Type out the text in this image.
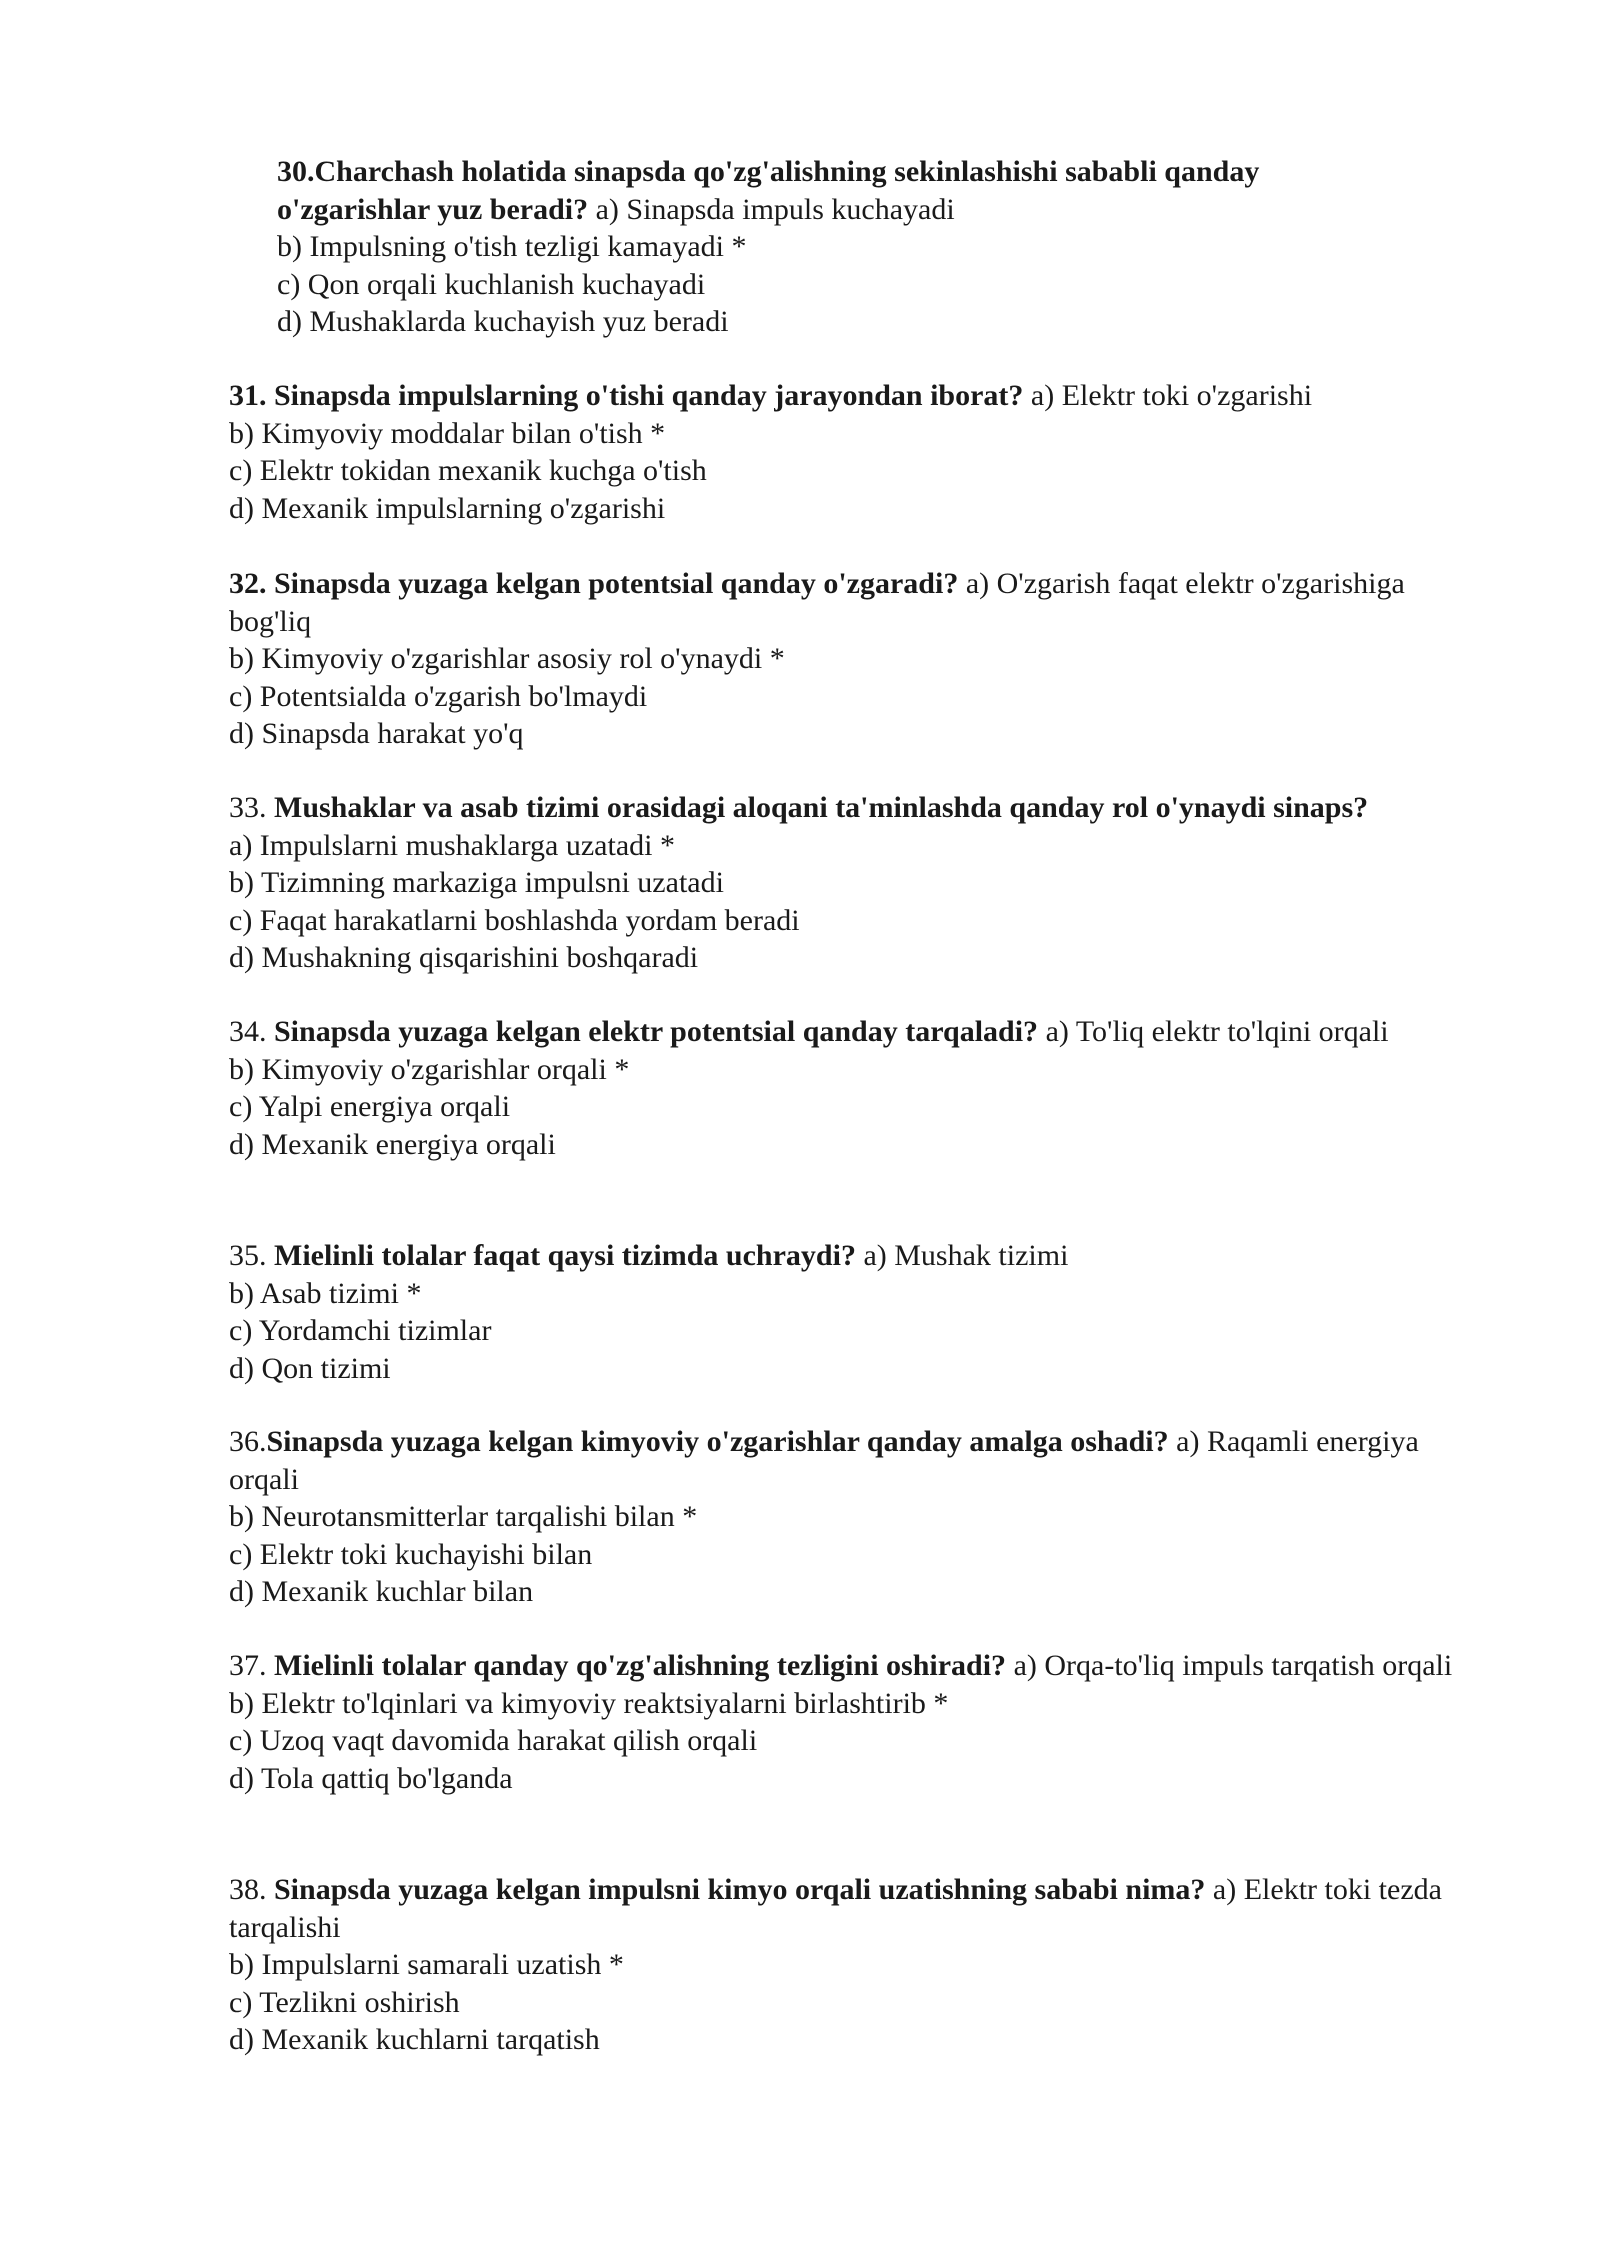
30.Charchash holatida sinapsda qo'zg'alishning sekinlashishi sababli qanday o'zgarishlar yuz beradi? a) Sinapsda impuls kuchayadi

b) Impulsning o'tish tezligi kamayadi *
c) Qon orqali kuchlanish kuchayadi
d) Mushaklarda kuchayish yuz beradi

31. Sinapsda impulslarning o'tishi qanday jarayondan iborat? a) Elektr toki o'zgarishi

b) Kimyoviy moddalar bilan o'tish *
c) Elektr tokidan mexanik kuchga o'tish
d) Mexanik impulslarning o'zgarishi

32. Sinapsda yuzaga kelgan potentsial qanday o'zgaradi? a) O'zgarish faqat elektr o'zgarishiga bog'liq

b) Kimyoviy o'zgarishlar asosiy rol o'ynaydi *
c) Potentsialda o'zgarish bo'lmaydi
d) Sinapsda harakat yo'q

33. Mushaklar va asab tizimi orasidagi aloqani ta'minlashda qanday rol o'ynaydi sinaps?

a) Impulslarni mushaklarga uzatadi *
b) Tizimning markaziga impulsni uzatadi
c) Faqat harakatlarni boshlashda yordam beradi
d) Mushakning qisqarishini boshqaradi

34. Sinapsda yuzaga kelgan elektr potentsial qanday tarqaladi? a) To'liq elektr to'lqini orqali

b) Kimyoviy o'zgarishlar orqali *
c) Yalpi energiya orqali
d) Mexanik energiya orqali

35. Mielinli tolalar faqat qaysi tizimda uchraydi? a) Mushak tizimi

b) Asab tizimi *
c) Yordamchi tizimlar
d) Qon tizimi

36.Sinapsda yuzaga kelgan kimyoviy o'zgarishlar qanday amalga oshadi? a) Raqamli energiya orqali

b) Neurotansmitterlar tarqalishi bilan *
c) Elektr toki kuchayishi bilan
d) Mexanik kuchlar bilan

37. Mielinli tolalar qanday qo'zg'alishning tezligini oshiradi? a) Orqa-to'liq impuls tarqatish orqali

b) Elektr to'lqinlari va kimyoviy reaktsiyalarni birlashtirib *
c) Uzoq vaqt davomida harakat qilish orqali
d) Tola qattiq bo'lganda

38. Sinapsda yuzaga kelgan impulsni kimyo orqali uzatishning sababi nima? a) Elektr toki tezda tarqalishi

b) Impulslarni samarali uzatish *
c) Tezlikni oshirish
d) Mexanik kuchlarni tarqatish
